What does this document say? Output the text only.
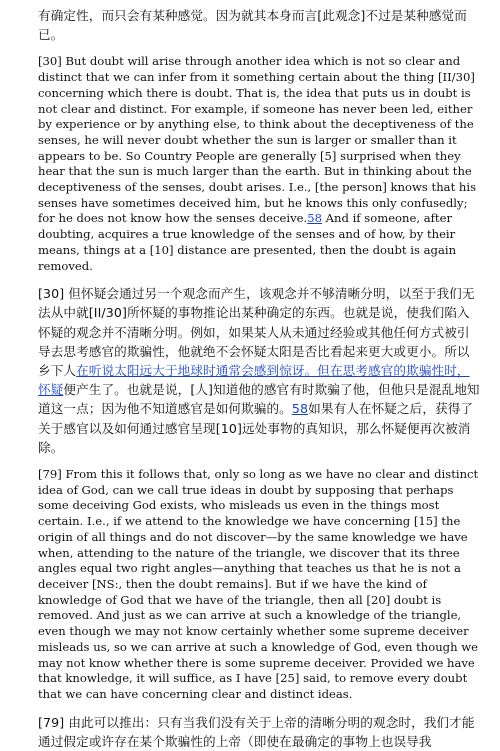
有确定性，而只会有某种感觉。因为就其本身而言[此观念]不过是某种感觉而已。

[30] But doubt will arise through another idea which is not so clear and distinct that we can infer from it something certain about the thing [II/30] concerning which there is doubt. That is, the idea that puts us in doubt is not clear and distinct. For example, if someone has never been led, either by experience or by anything else, to think about the deceptiveness of the senses, he will never doubt whether the sun is larger or smaller than it appears to be. So Country People are generally [5] surprised when they hear that the sun is much larger than the earth. But in thinking about the deceptiveness of the senses, doubt arises. I.e., [the person] knows that his senses have sometimes deceived him, but he knows this only confusedly; for he does not know how the senses deceive.58 And if someone, after doubting, acquires a true knowledge of the senses and of how, by their means, things at a [10] distance are presented, then the doubt is again removed.

[30] 但怀疑会通过另一个观念而产生，该观念并不够清晰分明，以至于我们无法从中就[II/30]所怀疑的事物推论出某种确定的东西。也就是说，使我们陷入怀疑的观念并不清晰分明。例如，如果某人从未通过经验或其他任何方式被引导去思考感官的欺骗性，他就绝不会怀疑太阳是否比看起来更大或更小。所以乡下人在听说太阳远大于地球时通常会感到惊讶。但在思考感官的欺骗性时，怀疑便产生了。也就是说，[人]知道他的感官有时欺骗了他，但他只是混乱地知道这一点；因为他不知道感官是如何欺骗的。58如果有人在怀疑之后，获得了关于感官以及如何通过感官呈现[10]远处事物的真知识，那么怀疑便再次被消除。

[79] From this it follows that, only so long as we have no clear and distinct idea of God, can we call true ideas in doubt by supposing that perhaps some deceiving God exists, who misleads us even in the things most certain. I.e., if we attend to the knowledge we have concerning [15] the origin of all things and do not discover—by the same knowledge we have when, attending to the nature of the triangle, we discover that its three angles equal two right angles—anything that teaches us that he is not a deceiver [NS:, then the doubt remains]. But if we have the kind of knowledge of God that we have of the triangle, then all [20] doubt is removed. And just as we can arrive at such a knowledge of the triangle, even though we may not know certainly whether some supreme deceiver misleads us, so we can arrive at such a knowledge of God, even though we may not know whether there is some supreme deceiver. Provided we have that knowledge, it will suffice, as I have [25] said, to remove every doubt that we can have concerning clear and distinct ideas.

[79] 由此可以推出：只有当我们没有关于上帝的清晰分明的观念时，我们才能通过假定或许存在某个欺骗性的上帝（即使在最确定的事物上也误导我
